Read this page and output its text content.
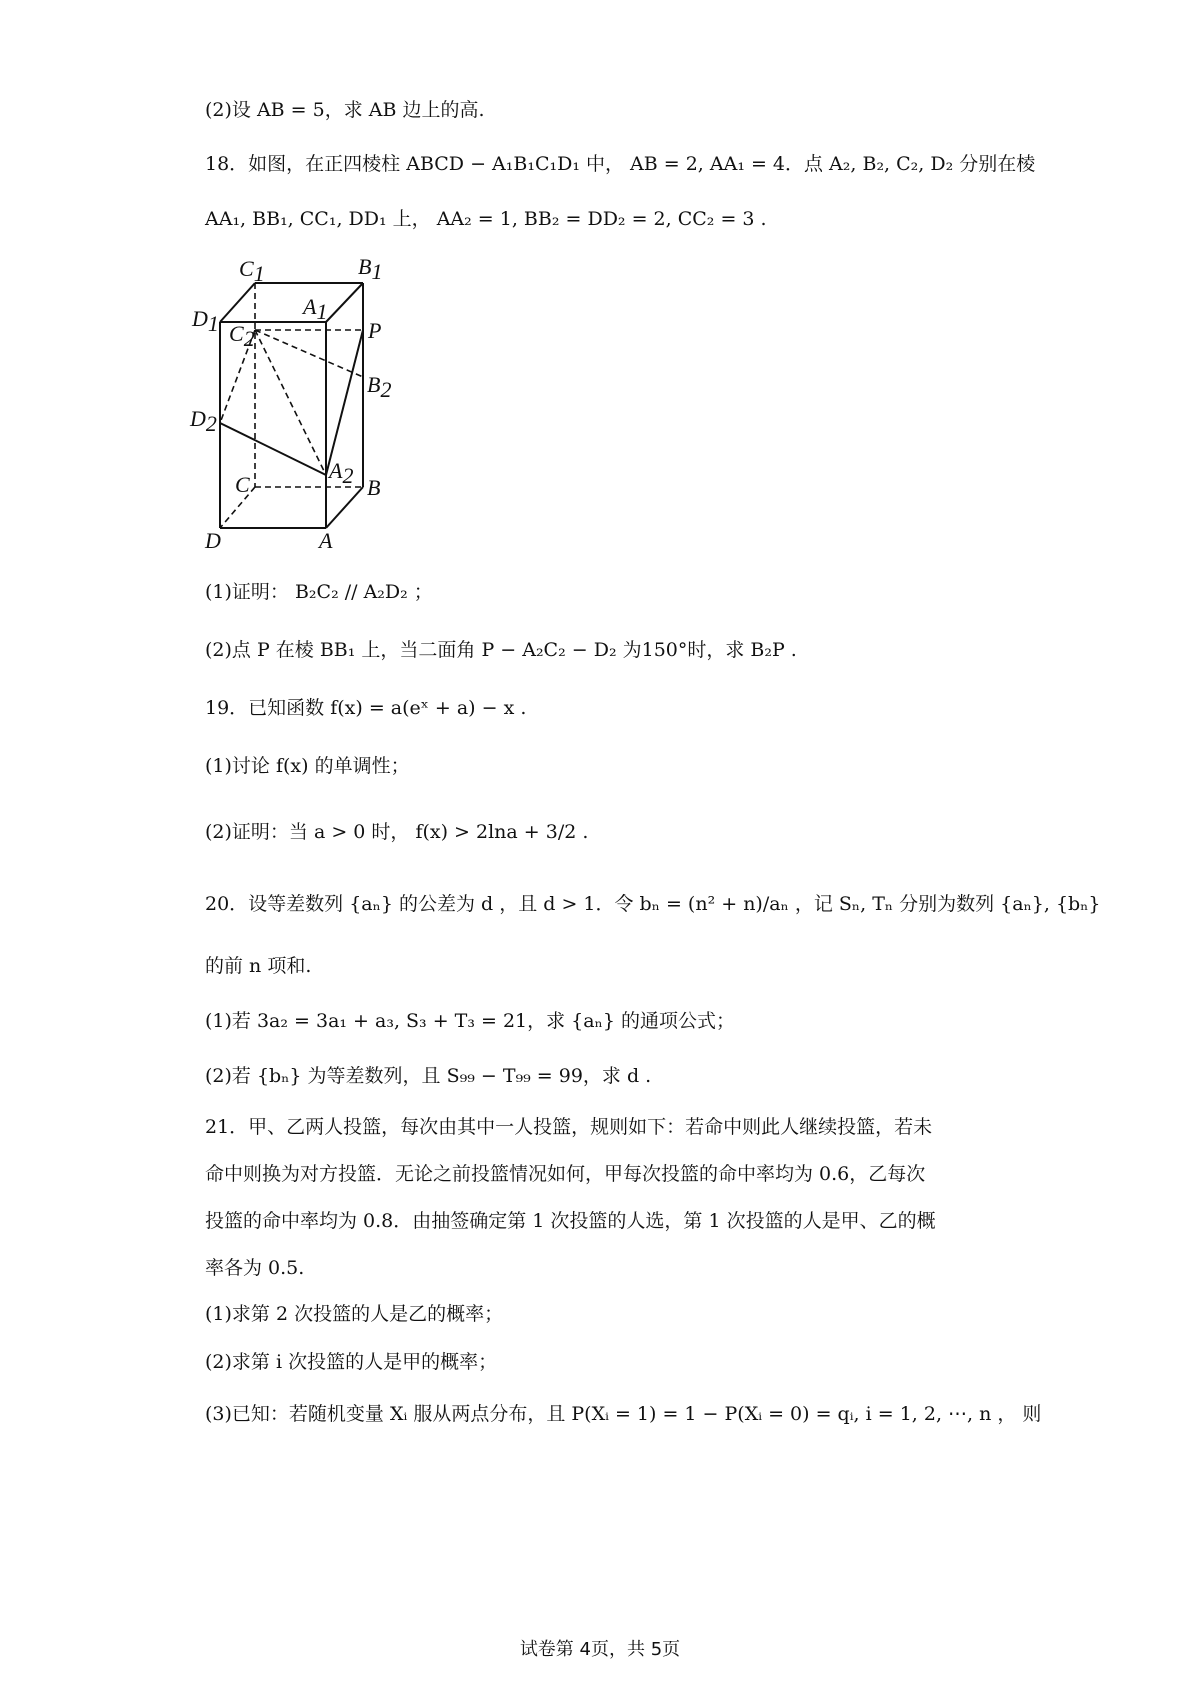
(2)设 AB = 5，求 AB 边上的高.
18．如图，在正四棱柱 ABCD − A₁B₁C₁D₁ 中， AB = 2, AA₁ = 4．点 A₂, B₂, C₂, D₂ 分别在棱
AA₁, BB₁, CC₁, DD₁ 上， AA₂ = 1, BB₂ = DD₂ = 2, CC₂ = 3 .
(1)证明： B₂C₂ // A₂D₂ ；
(2)点 P 在棱 BB₁ 上，当二面角 P − A₂C₂ − D₂ 为150°时，求 B₂P .
19．已知函数 f(x) = a(eˣ + a) − x .
(1)讨论 f(x) 的单调性；
(2)证明：当 a > 0 时， f(x) > 2lna + 3/2 .
20．设等差数列 {aₙ} 的公差为 d ，且 d > 1．令 bₙ = (n² + n)/aₙ ，记 Sₙ, Tₙ 分别为数列 {aₙ}, {bₙ}
的前 n 项和.
(1)若 3a₂ = 3a₁ + a₃, S₃ + T₃ = 21，求 {aₙ} 的通项公式；
(2)若 {bₙ} 为等差数列，且 S₉₉ − T₉₉ = 99，求 d .
21．甲、乙两人投篮，每次由其中一人投篮，规则如下：若命中则此人继续投篮，若未
命中则换为对方投篮．无论之前投篮情况如何，甲每次投篮的命中率均为 0.6，乙每次
投篮的命中率均为 0.8．由抽签确定第 1 次投篮的人选，第 1 次投篮的人是甲、乙的概
率各为 0.5.
(1)求第 2 次投篮的人是乙的概率；
(2)求第 i 次投篮的人是甲的概率；
(3)已知：若随机变量 Xᵢ 服从两点分布，且 P(Xᵢ = 1) = 1 − P(Xᵢ = 0) = qᵢ, i = 1, 2, ⋯, n ， 则
C1	B1
A1
D1 C2	P
B2
D2
A2
C	B
D	A
试卷第 4页，共 5页
